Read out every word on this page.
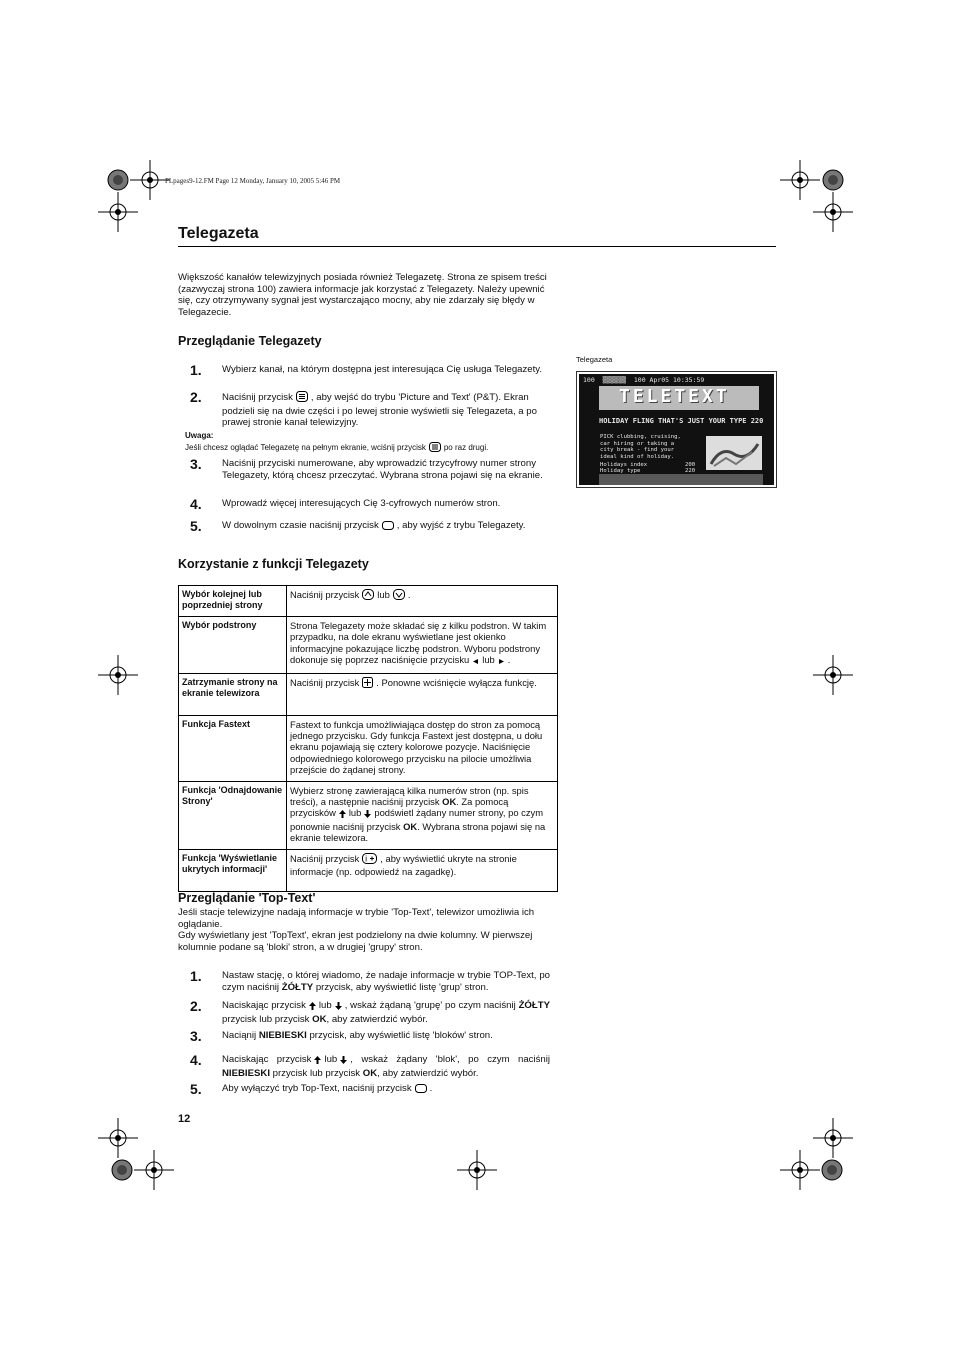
PLpages9-12.FM Page 12 Monday, January 10, 2005 5:46 PM
Telegazeta
Większość kanałów telewizyjnych posiada również Telegazetę. Strona ze spisem treści (zazwyczaj strona 100) zawiera informacje jak korzystać z Telegazety. Należy upewnić się, czy otrzymywany sygnał jest wystarczająco mocny, aby nie zdarzały się błędy w Telegazecie.
Przeglądanie Telegazety
1. Wybierz kanał, na którym dostępna jest interesująca Cię usługa Telegazety.
2. Naciśnij przycisk , aby wejść do trybu 'Picture and Text' (P&T). Ekran podzieli się na dwie części i po lewej stronie wyświetli się Telegazeta, a po prawej stronie kanał telewizyjny.
Uwaga:
Jeśli chcesz oglądać Telegazetę na pełnym ekranie, wciśnij przycisk po raz drugi.
3. Naciśnij przyciski numerowane, aby wprowadzić trzycyfrowy numer strony Telegazety, którą chcesz przeczytać. Wybrana strona pojawi się na ekranie.
4. Wprowadź więcej interesujących Cię 3-cyfrowych numerów stron.
5. W dowolnym czasie naciśnij przycisk , aby wyjść z trybu Telegazety.
Telegazeta
100  ▒▒▒▒▒▒  100 Apr05 10:35:59
TELETEXT
HOLIDAY FLING THAT'S JUST YOUR TYPE 220
PICK clubbing, cruising,
car hiring or taking a
city break - find your
ideal kind of holiday.
Holidays index	200
Holiday type	220
Korzystanie z funkcji Telegazety
Wybór kolejnej lub poprzedniej strony	Naciśnij przycisk lub .
Wybór podstrony	Strona Telegazety może składać się z kilku podstron. W takim przypadku, na dole ekranu wyświetlane jest okienko informacyjne pokazujące liczbę podstron. Wyboru podstrony dokonuje się poprzez naciśnięcie przycisku lub .
Zatrzymanie strony na ekranie telewizora	Naciśnij przycisk . Ponowne wciśnięcie wyłącza funkcję.
Funkcja Fastext	Fastext to funkcja umożliwiająca dostęp do stron za pomocą jednego przycisku. Gdy funkcja Fastext jest dostępna, u dołu ekranu pojawiają się cztery kolorowe pozycje. Naciśnięcie odpowiedniego kolorowego przycisku na pilocie umożliwia przejście do żądanej strony.
Funkcja 'Odnajdowanie Strony'	Wybierz stronę zawierającą kilka numerów stron (np. spis treści), a następnie naciśnij przycisk OK. Za pomocą przycisków lub podświetl żądany numer strony, po czym ponownie naciśnij przycisk OK. Wybrana strona pojawi się na ekranie telewizora.
Funkcja 'Wyświetlanie ukrytych informacji'	Naciśnij przycisk i , aby wyświetlić ukryte na stronie informacje (np. odpowiedź na zagadkę).
Przeglądanie 'Top-Text'
Jeśli stacje telewizyjne nadają informacje w trybie 'Top-Text', telewizor umożliwia ich oglądanie.
Gdy wyświetlany jest 'TopText', ekran jest podzielony na dwie kolumny. W pierwszej kolumnie podane są 'bloki' stron, a w drugiej 'grupy' stron.
1. Nastaw stację, o której wiadomo, że nadaje informacje w trybie TOP-Text, po czym naciśnij ŻÓŁTY przycisk, aby wyświetlić listę 'grup' stron.
2. Naciskając przycisk lub , wskaż żądaną 'grupę' po czym naciśnij ŻÓŁTY przycisk lub przycisk OK, aby zatwierdzić wybór.
3. Naciąnij NIEBIESKI przycisk, aby wyświetlić listę 'bloków' stron.
4. Naciskając przycisk lub , wskaż żądany 'blok', po czym naciśnij NIEBIESKI przycisk lub przycisk OK, aby zatwierdzić wybór.
5. Aby wyłączyć tryb Top-Text, naciśnij przycisk .
12
